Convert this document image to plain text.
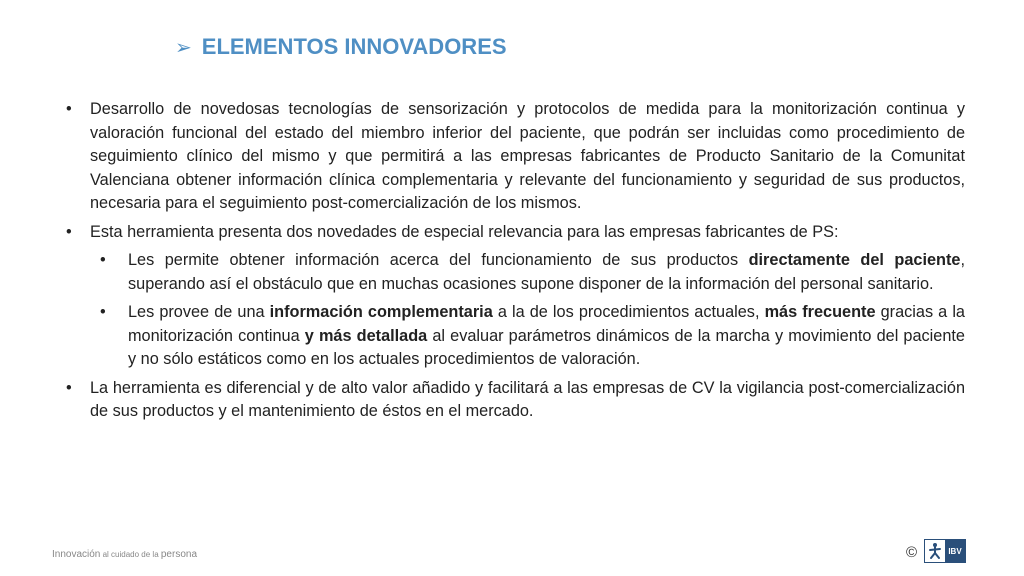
➢ ELEMENTOS INNOVADORES
• Desarrollo de novedosas tecnologías de sensorización y protocolos de medida para la monitorización continua y valoración funcional del estado del miembro inferior del paciente, que podrán ser incluidas como procedimiento de seguimiento clínico del mismo y que permitirá a las empresas fabricantes de Producto Sanitario de la Comunitat Valenciana obtener información clínica complementaria y relevante del funcionamiento y seguridad de sus productos, necesaria para el seguimiento post-comercialización de los mismos.
• Esta herramienta presenta dos novedades de especial relevancia para las empresas fabricantes de PS:
• Les permite obtener información acerca del funcionamiento de sus productos directamente del paciente, superando así el obstáculo que en muchas ocasiones supone disponer de la información del personal sanitario.
• Les provee de una información complementaria a la de los procedimientos actuales, más frecuente gracias a la monitorización continua y más detallada al evaluar parámetros dinámicos de la marcha y movimiento del paciente y no sólo estáticos como en los actuales procedimientos de valoración.
• La herramienta es diferencial y de alto valor añadido y facilitará a las empresas de CV la vigilancia post-comercialización de sus productos y el mantenimiento de éstos en el mercado.
Innovación al cuidado de la persona	©	IBV
